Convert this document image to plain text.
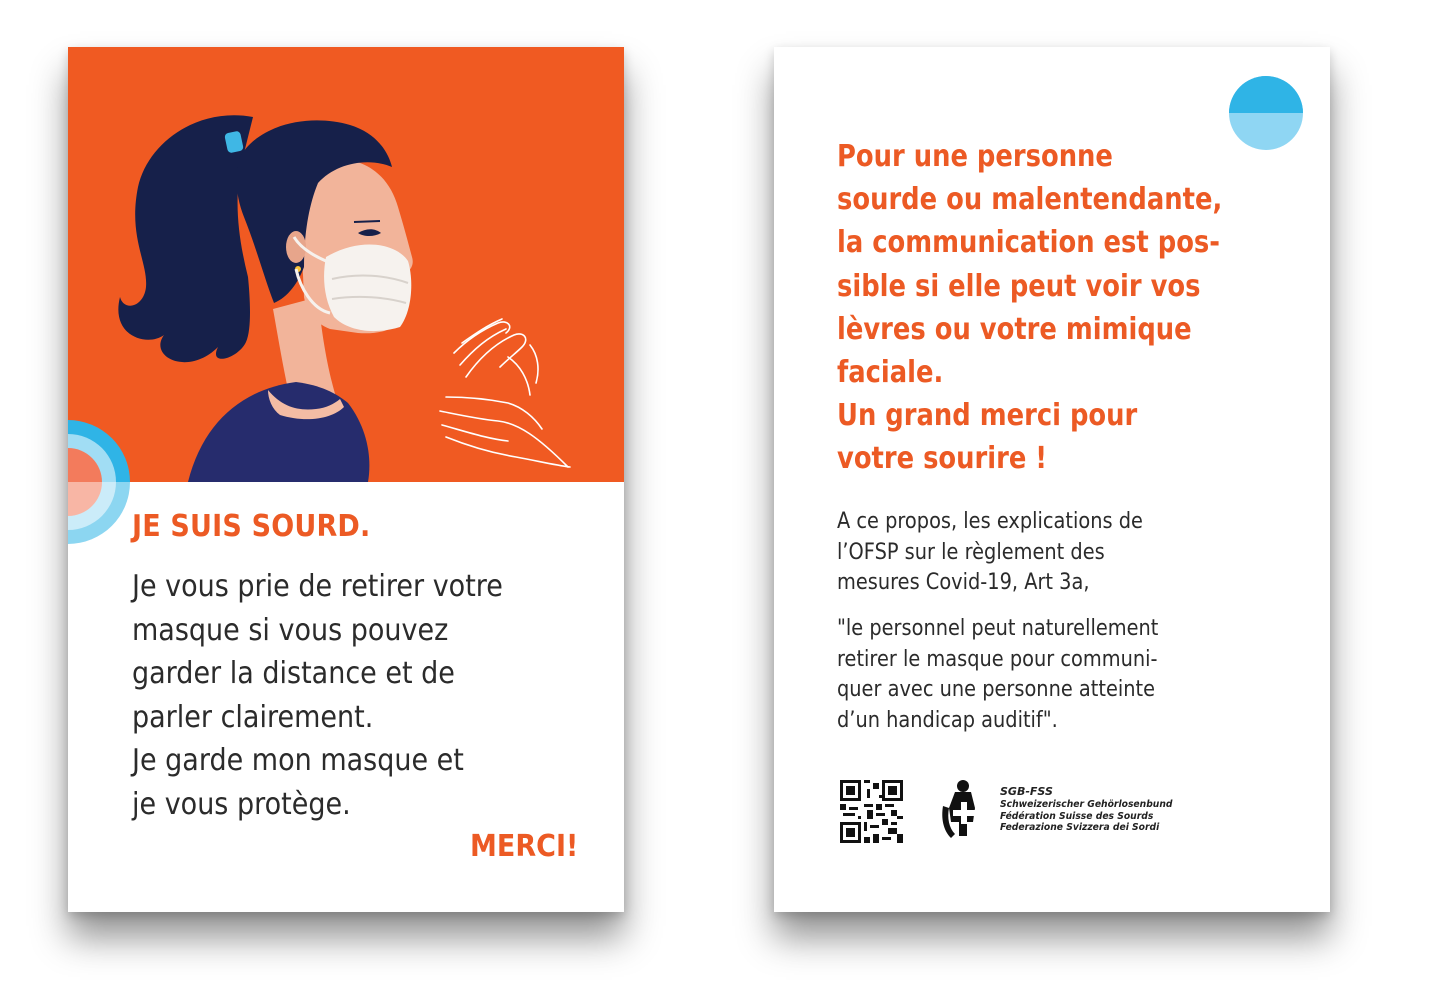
JE SUIS SOURD.
Je vous prie de retirer votre
masque si vous pouvez
garder la distance et de
parler clairement.
Je garde mon masque et
je vous protège.
MERCI!
Pour une personne
sourde ou malentendante,
la communication est pos-
sible si elle peut voir vos
lèvres ou votre mimique
faciale.
Un grand merci pour
votre sourire !
A ce propos, les explications de
l’OFSP sur le règlement des
mesures Covid-19, Art 3a,
"le personnel peut naturellement
retirer le masque pour communi-
quer avec une personne atteinte
d’un handicap auditif".
SGB-FSS
Schweizerischer Gehörlosenbund
Fédération Suisse des Sourds
Federazione Svizzera dei Sordi
